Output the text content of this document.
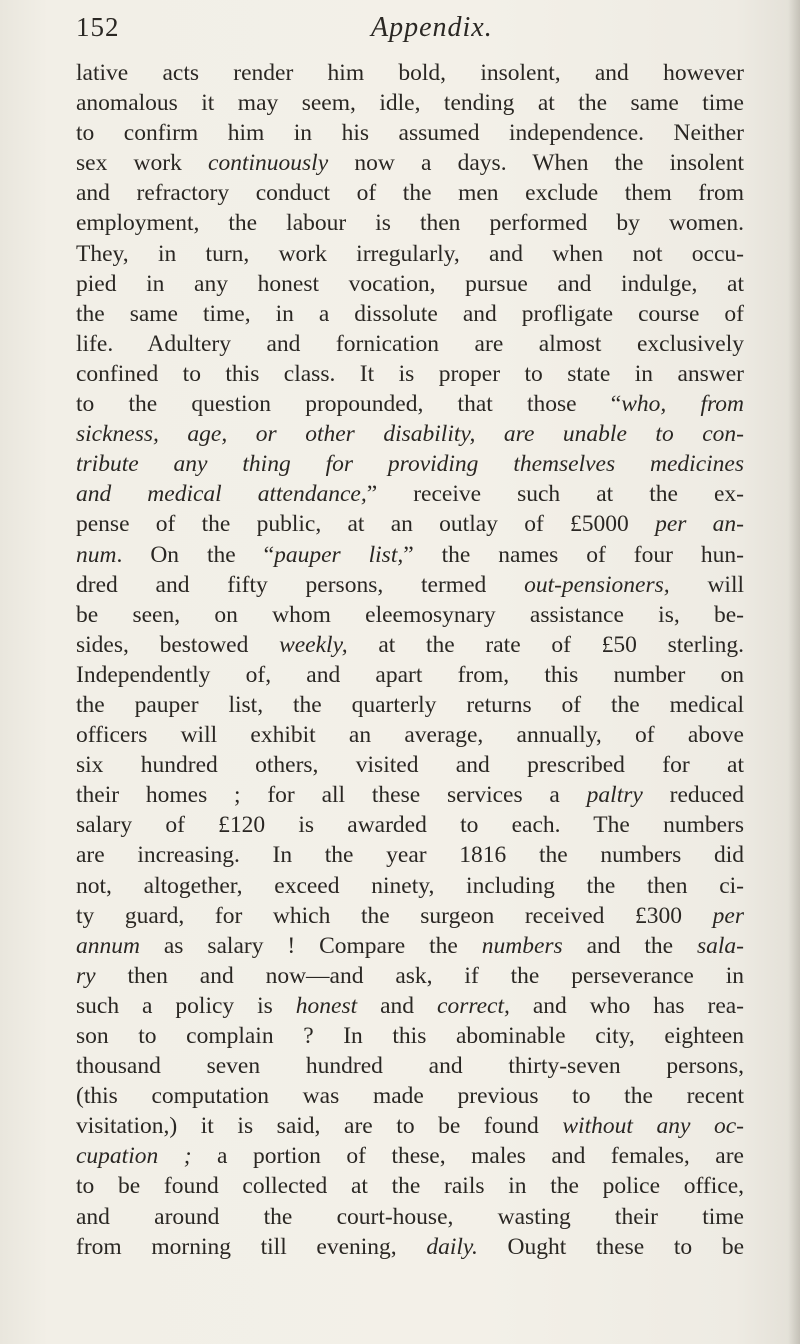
152	Appendix.
lative acts render him bold, insolent, and however
anomalous it may seem, idle, tending at the same time
to confirm him in his assumed independence. Neither
sex work continuously now a days. When the insolent
and refractory conduct of the men exclude them from
employment, the labour is then performed by women.
They, in turn, work irregularly, and when not occu-
pied in any honest vocation, pursue and indulge, at
the same time, in a dissolute and profligate course of
life. Adultery and fornication are almost exclusively
confined to this class. It is proper to state in answer
to the question propounded, that those “who, from
sickness, age, or other disability, are unable to con-
tribute any thing for providing themselves medicines
and medical attendance,” receive such at the ex-
pense of the public, at an outlay of £5000 per an-
num. On the “pauper list,” the names of four hun-
dred and fifty persons, termed out-pensioners, will
be seen, on whom eleemosynary assistance is, be-
sides, bestowed weekly, at the rate of £50 sterling.
Independently of, and apart from, this number on
the pauper list, the quarterly returns of the medical
officers will exhibit an average, annually, of above
six hundred others, visited and prescribed for at
their homes ; for all these services a paltry reduced
salary of £120 is awarded to each. The numbers
are increasing. In the year 1816 the numbers did
not, altogether, exceed ninety, including the then ci-
ty guard, for which the surgeon received £300 per
annum as salary ! Compare the numbers and the sala-
ry then and now—and ask, if the perseverance in
such a policy is honest and correct, and who has rea-
son to complain ? In this abominable city, eighteen
thousand seven hundred and thirty-seven persons,
(this computation was made previous to the recent
visitation,) it is said, are to be found without any oc-
cupation ; a portion of these, males and females, are
to be found collected at the rails in the police office,
and around the court-house, wasting their time
from morning till evening, daily. Ought these to be
